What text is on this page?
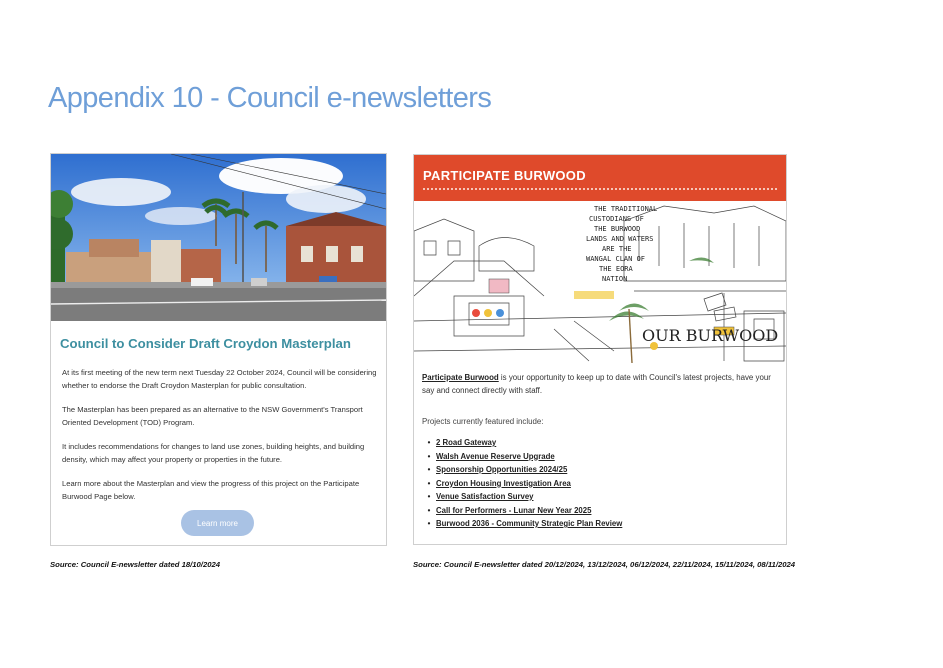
Appendix 10 - Council e-newsletters
Council to Consider Draft Croydon Masterplan

At its first meeting of the new term next Tuesday 22 October 2024, Council will be considering whether to endorse the Draft Croydon Masterplan for public consultation.

The Masterplan has been prepared as an alternative to the NSW Government's Transport Oriented Development (TOD) Program.

It includes recommendations for changes to land use zones, building heights, and building density, which may affect your property or properties in the future.

Learn more about the Masterplan and view the progress of this project on the Participate Burwood Page below.

Learn more
PARTICIPATE BURWOOD
THE TRADITIONAL
CUSTODIANS OF
THE BURWOOD
LANDS AND WATERS
ARE THE
WANGAL CLAN OF
THE EORA
NATION
OUR BURWOOD

Participate Burwood is your opportunity to keep up to date with Council's latest projects, have your say and connect directly with staff.

Projects currently featured include:

• 2 Road Gateway
• Walsh Avenue Reserve Upgrade
• Sponsorship Opportunities 2024/25
• Croydon Housing Investigation Area
• Venue Satisfaction Survey
• Call for Performers - Lunar New Year 2025
• Burwood 2036 - Community Strategic Plan Review

Source: Council E-newsletter dated 18/10/2024	Source: Council E-newsletter dated 20/12/2024, 13/12/2024, 06/12/2024, 22/11/2024, 15/11/2024, 08/11/2024
